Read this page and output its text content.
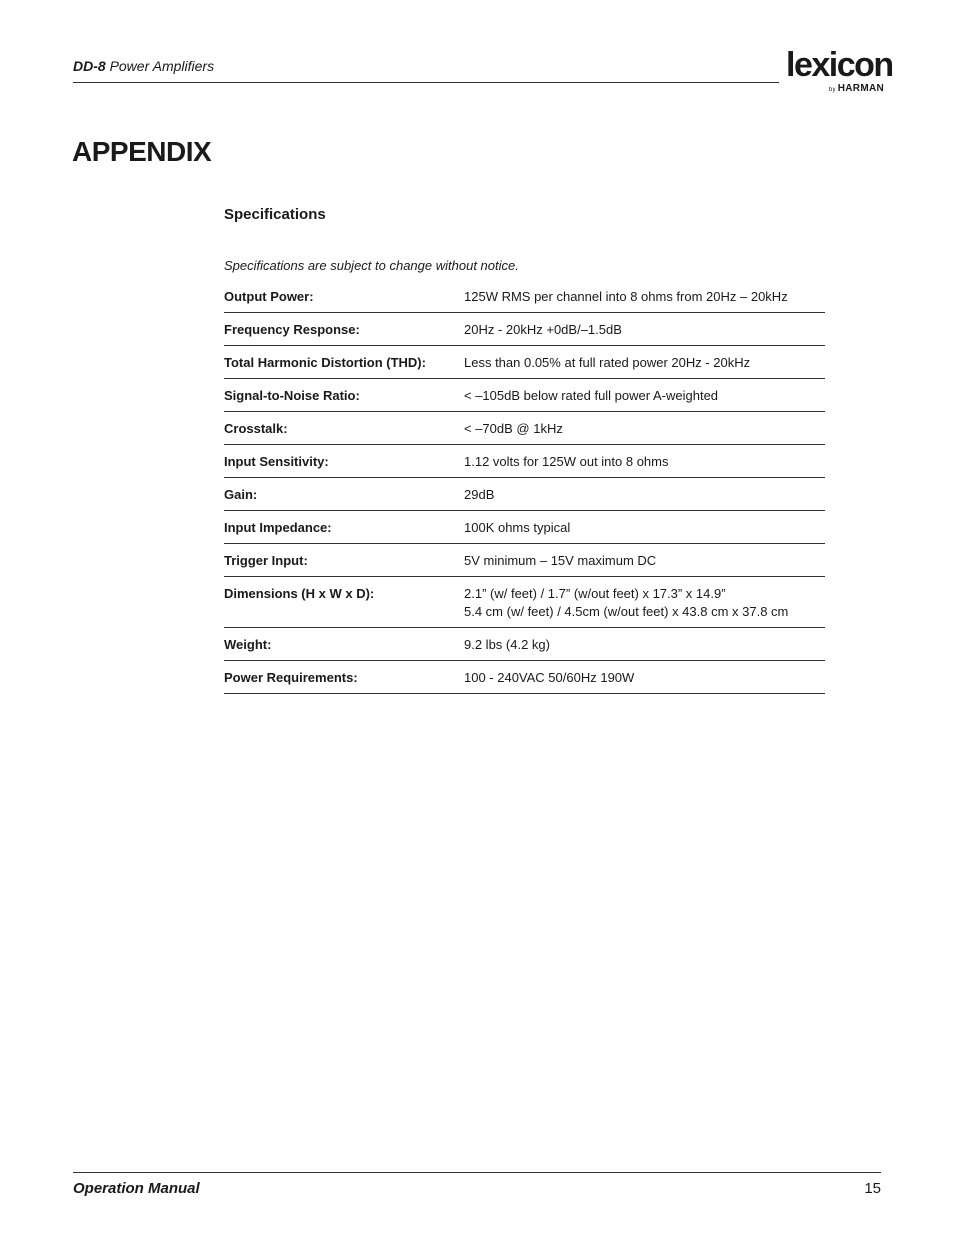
DD-8 Power Amplifiers	lexicon
by HARMAN
APPENDIX
Specifications
Specifications are subject to change without notice.
Output Power:	125W RMS per channel into 8 ohms from 20Hz – 20kHz
Frequency Response:	20Hz - 20kHz +0dB/–1.5dB
Total Harmonic Distortion (THD):	Less than 0.05% at full rated power 20Hz - 20kHz
Signal-to-Noise Ratio:	< –105dB below rated full power A-weighted
Crosstalk:	< –70dB @ 1kHz
Input Sensitivity:	1.12 volts for 125W out into 8 ohms
Gain:	29dB
Input Impedance:	100K ohms typical
Trigger Input:	5V minimum – 15V maximum DC
Dimensions (H x W x D):	2.1” (w/ feet) / 1.7” (w/out feet) x 17.3” x 14.9”
5.4 cm (w/ feet) / 4.5cm (w/out feet) x 43.8 cm x 37.8 cm
Weight:	9.2 lbs (4.2 kg)
Power Requirements:	100 - 240VAC 50/60Hz 190W
Operation Manual	15
